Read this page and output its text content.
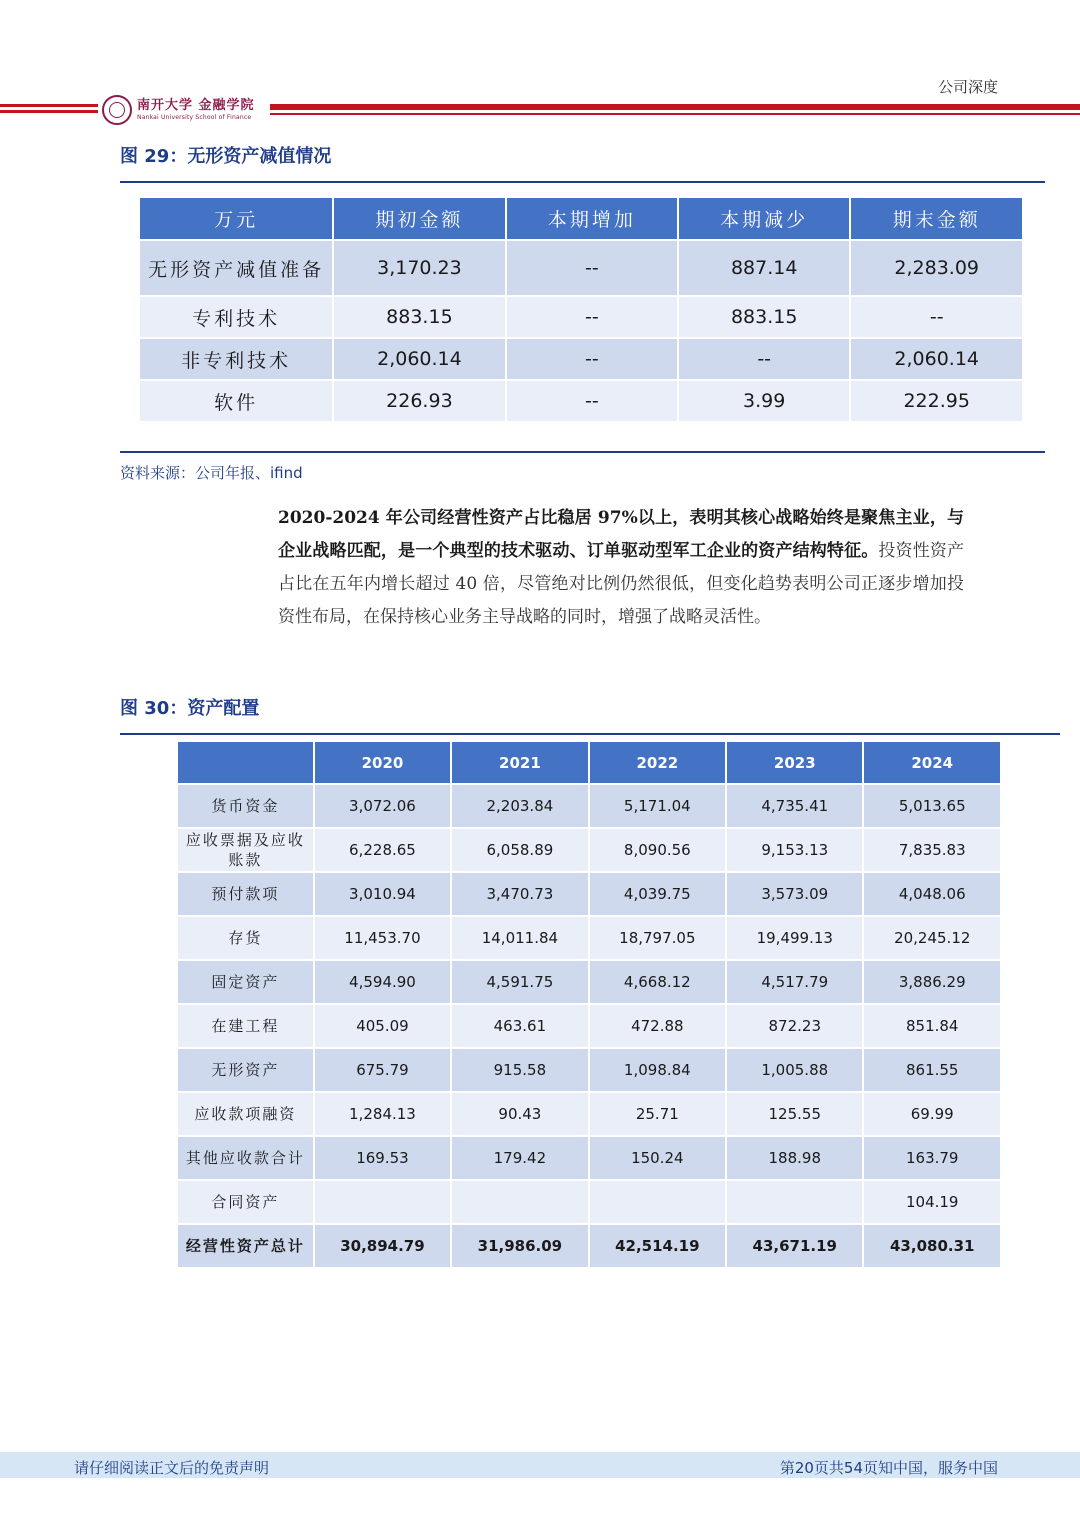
公司深度
南开大学 金融学院
Nankai University School of Finance
图 29：无形资产减值情况
万元	期初金额	本期增加	本期减少	期末金额
无形资产减值准备	3,170.23	--	887.14	2,283.09
专利技术	883.15	--	883.15	--
非专利技术	2,060.14	--	--	2,060.14
软件	226.93	--	3.99	222.95
资料来源：公司年报、ifind
2020-2024 年公司经营性资产占比稳居 97%以上，表明其核心战略始终是聚焦主业，与企业战略匹配，是一个典型的技术驱动、订单驱动型军工企业的资产结构特征。投资性资产占比在五年内增长超过 40 倍，尽管绝对比例仍然很低，但变化趋势表明公司正逐步增加投资性布局，在保持核心业务主导战略的同时，增强了战略灵活性。
图 30：资产配置
	2020	2021	2022	2023	2024
货币资金	3,072.06	2,203.84	5,171.04	4,735.41	5,013.65
应收票据及应收账款	6,228.65	6,058.89	8,090.56	9,153.13	7,835.83
预付款项	3,010.94	3,470.73	4,039.75	3,573.09	4,048.06
存货	11,453.70	14,011.84	18,797.05	19,499.13	20,245.12
固定资产	4,594.90	4,591.75	4,668.12	4,517.79	3,886.29
在建工程	405.09	463.61	472.88	872.23	851.84
无形资产	675.79	915.58	1,098.84	1,005.88	861.55
应收款项融资	1,284.13	90.43	25.71	125.55	69.99
其他应收款合计	169.53	179.42	150.24	188.98	163.79
合同资产					104.19
经营性资产总计	30,894.79	31,986.09	42,514.19	43,671.19	43,080.31
请仔细阅读正文后的免责声明	第20页共54页知中国，服务中国
